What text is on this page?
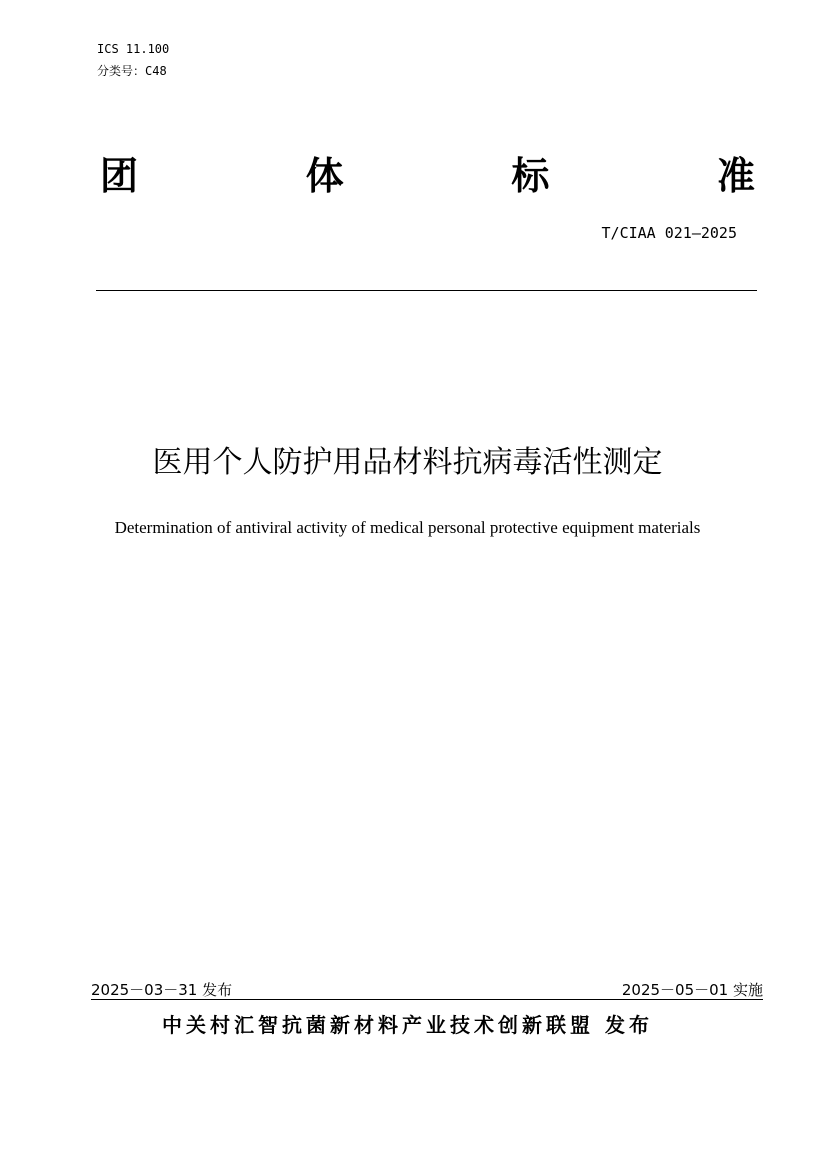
ICS 11.100
分类号：C48
团	体	标	准
T/CIAA 021—2025
医用个人防护用品材料抗病毒活性测定
Determination of antiviral activity of medical personal protective equipment materials
2025－03－31 发布	2025－05－01 实施
中关村汇智抗菌新材料产业技术创新联盟 发布
